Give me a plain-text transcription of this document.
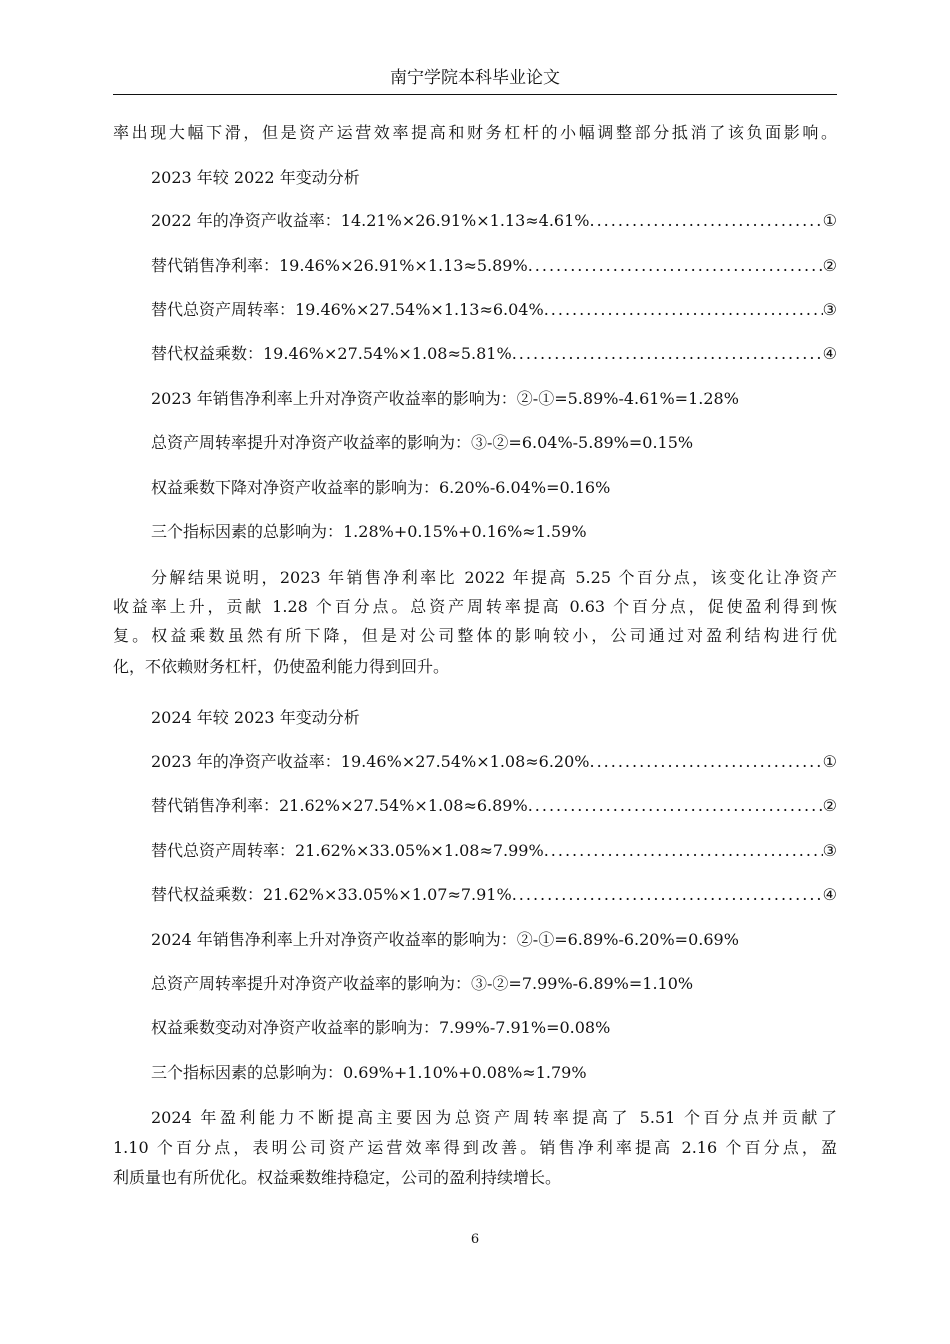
南宁学院本科毕业论文
率出现大幅下滑，但是资产运营效率提高和财务杠杆的小幅调整部分抵消了该负面影响。
2023 年较 2022 年变动分析
2022 年的净资产收益率：14.21%×26.91%×1.13≈4.61% .....	①
替代销售净利率：19.46%×26.91%×1.13≈5.89% .....	②
替代总资产周转率：19.46%×27.54%×1.13≈6.04% .....	③
替代权益乘数：19.46%×27.54%×1.08≈5.81% .....	④
2023 年销售净利率上升对净资产收益率的影响为：②-①=5.89%-4.61%=1.28%
总资产周转率提升对净资产收益率的影响为：③-②=6.04%-5.89%=0.15%
权益乘数下降对净资产收益率的影响为：6.20%-6.04%=0.16%
三个指标因素的总影响为：1.28%+0.15%+0.16%≈1.59%
分解结果说明，2023 年销售净利率比 2022 年提高 5.25 个百分点，该变化让净资产
收益率上升，贡献 1.28 个百分点。总资产周转率提高 0.63 个百分点，促使盈利得到恢
复。权益乘数虽然有所下降，但是对公司整体的影响较小，公司通过对盈利结构进行优
化，不依赖财务杠杆，仍使盈利能力得到回升。
2024 年较 2023 年变动分析
2023 年的净资产收益率：19.46%×27.54%×1.08≈6.20% .....	①
替代销售净利率：21.62%×27.54%×1.08≈6.89% .....	②
替代总资产周转率：21.62%×33.05%×1.08≈7.99% .....	③
替代权益乘数：21.62%×33.05%×1.07≈7.91% .....	④
2024 年销售净利率上升对净资产收益率的影响为：②-①=6.89%-6.20%=0.69%
总资产周转率提升对净资产收益率的影响为：③-②=7.99%-6.89%=1.10%
权益乘数变动对净资产收益率的影响为：7.99%-7.91%=0.08%
三个指标因素的总影响为：0.69%+1.10%+0.08%≈1.79%
2024 年盈利能力不断提高主要因为总资产周转率提高了 5.51 个百分点并贡献了
1.10 个百分点，表明公司资产运营效率得到改善。销售净利率提高 2.16 个百分点，盈
利质量也有所优化。权益乘数维持稳定，公司的盈利持续增长。
6
